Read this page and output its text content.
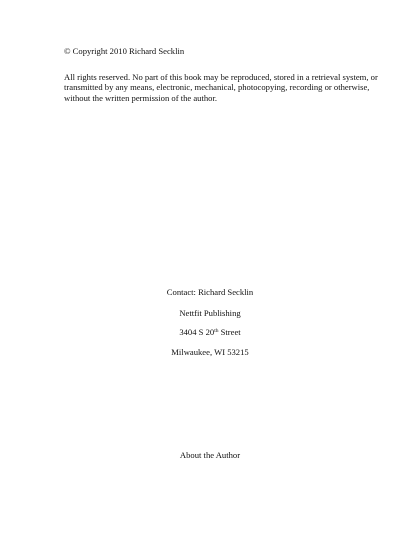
© Copyright 2010 Richard Secklin
All rights reserved. No part of this book may be reproduced, stored in a retrieval system, or
transmitted by any means, electronic, mechanical, photocopying, recording or otherwise,
without the written permission of the author.
Contact: Richard Secklin
Nettfit Publishing
3404 S 20th Street
Milwaukee, WI 53215
About the Author
